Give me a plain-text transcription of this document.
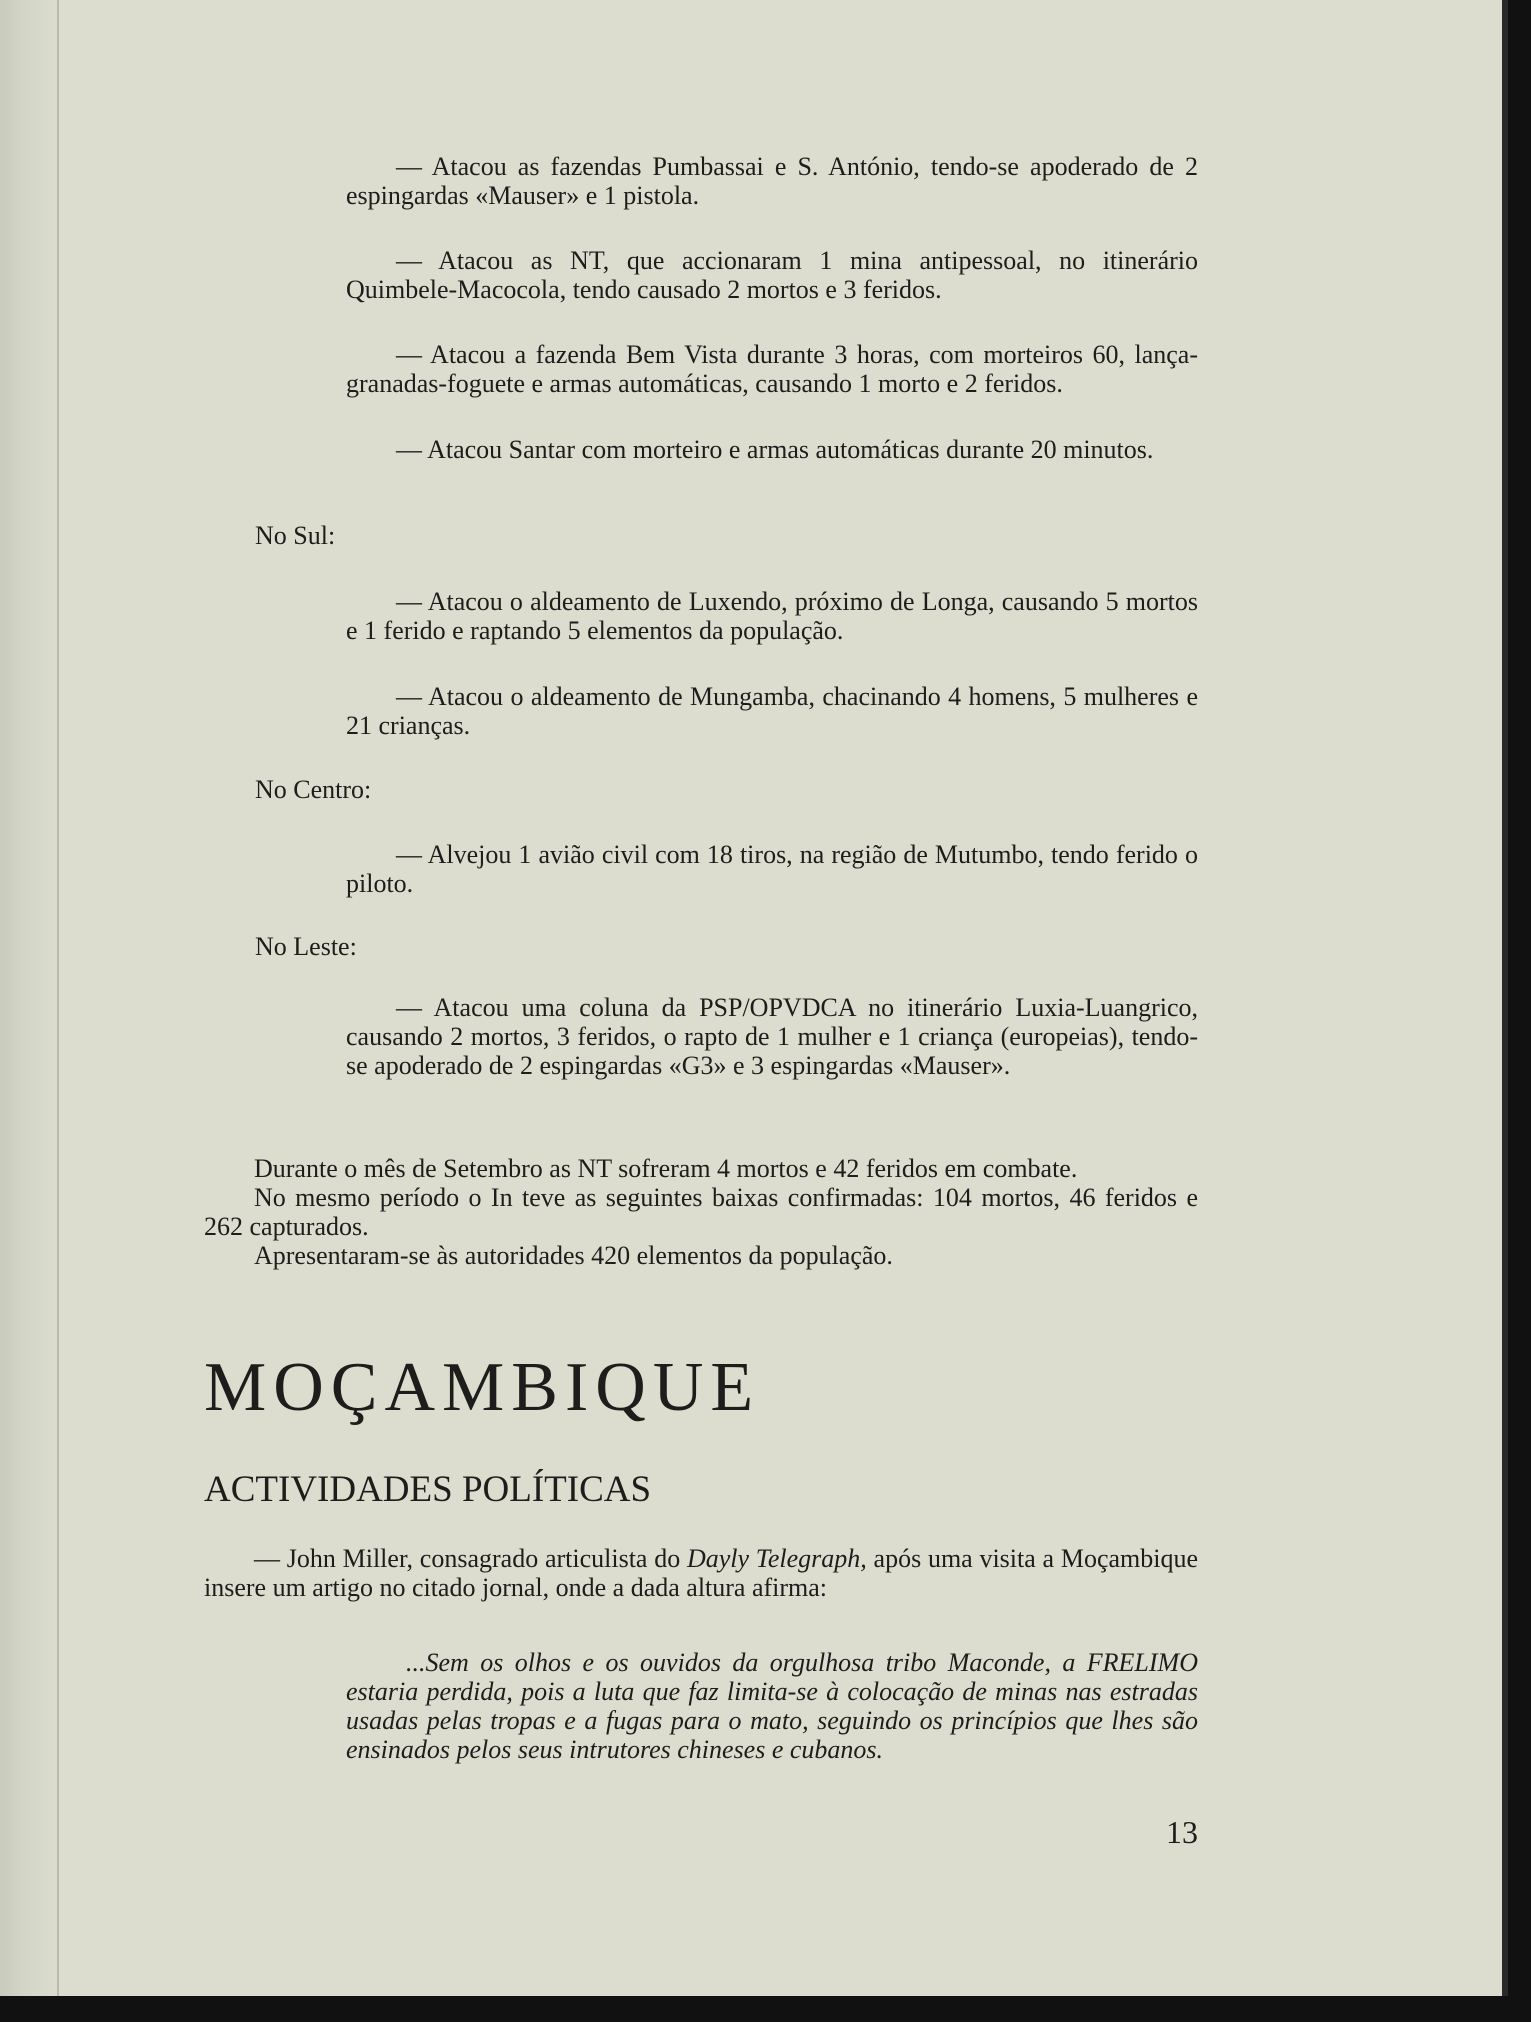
— Atacou as fazendas Pumbassai e S. António, tendo-se apoderado de 2 espingardas «Mauser» e 1 pistola.

— Atacou as NT, que accionaram 1 mina antipessoal, no itinerário Quimbele-Macocola, tendo causado 2 mortos e 3 feridos.

— Atacou a fazenda Bem Vista durante 3 horas, com morteiros 60, lança-granadas-foguete e armas automáticas, causando 1 morto e 2 feridos.

— Atacou Santar com morteiro e armas automáticas durante 20 minutos.

No Sul:

— Atacou o aldeamento de Luxendo, próximo de Longa, causando 5 mortos e 1 ferido e raptando 5 elementos da população.

— Atacou o aldeamento de Mungamba, chacinando 4 homens, 5 mulheres e 21 crianças.

No Centro:

— Alvejou 1 avião civil com 18 tiros, na região de Mutumbo, tendo ferido o piloto.

No Leste:

— Atacou uma coluna da PSP/OPVDCA no itinerário Luxia-Luangrico, causando 2 mortos, 3 feridos, o rapto de 1 mulher e 1 criança (europeias), tendo-se apoderado de 2 espingardas «G3» e 3 espingardas «Mauser».

Durante o mês de Setembro as NT sofreram 4 mortos e 42 feridos em combate.

No mesmo período o In teve as seguintes baixas confirmadas: 104 mortos, 46 feridos e 262 capturados.

Apresentaram-se às autoridades 420 elementos da população.

MOÇAMBIQUE
ACTIVIDADES POLÍTICAS

— John Miller, consagrado articulista do Dayly Telegraph, após uma visita a Moçambique insere um artigo no citado jornal, onde a dada altura afirma:

...Sem os olhos e os ouvidos da orgulhosa tribo Maconde, a FRELIMO estaria perdida, pois a luta que faz limita-se à colocação de minas nas estradas usadas pelas tropas e a fugas para o mato, seguindo os princípios que lhes são ensinados pelos seus intrutores chineses e cubanos.

13
